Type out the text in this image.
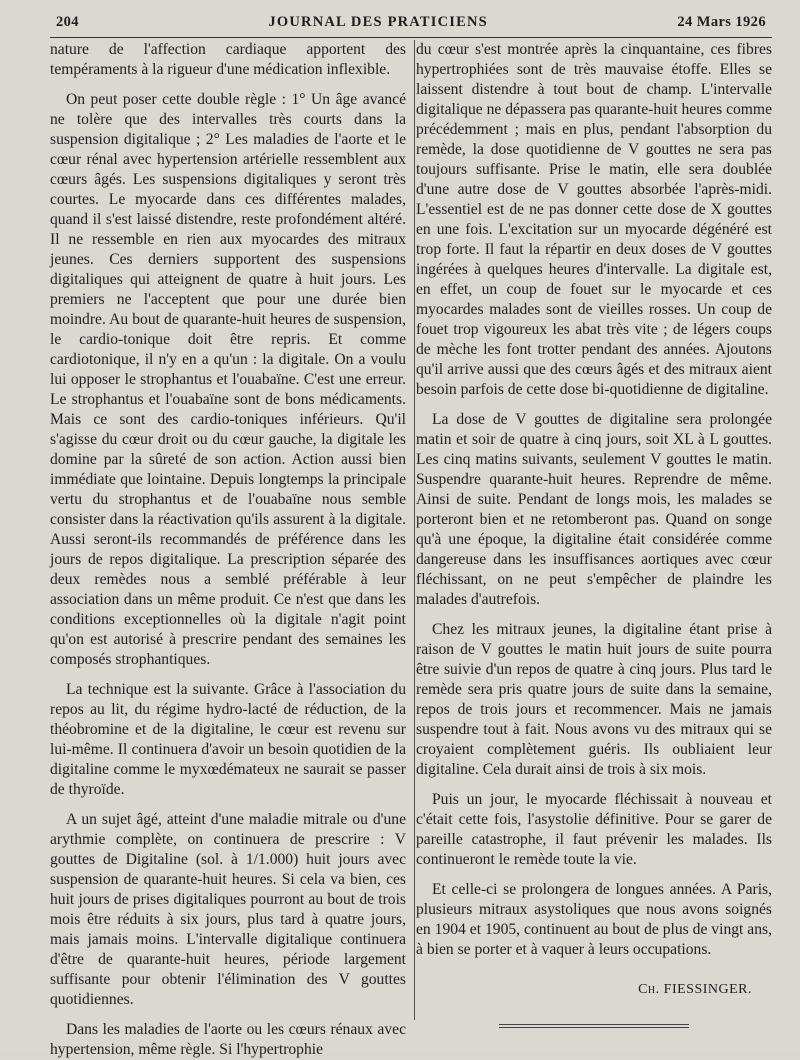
204	JOURNAL DES PRATICIENS	24 Mars 1926

nature de l'affection cardiaque apportent des tempéraments à la rigueur d'une médication inflexible.

On peut poser cette double règle : 1° Un âge avancé ne tolère que des intervalles très courts dans la suspension digitalique ; 2° Les maladies de l'aorte et le cœur rénal avec hypertension artérielle ressemblent aux cœurs âgés. Les suspensions digitaliques y seront très courtes. Le myocarde dans ces différentes malades, quand il s'est laissé distendre, reste profondément altéré. Il ne ressemble en rien aux myocardes des mitraux jeunes. Ces derniers supportent des suspensions digitaliques qui atteignent de quatre à huit jours. Les premiers ne l'acceptent que pour une durée bien moindre. Au bout de quarante-huit heures de suspension, le cardio-tonique doit être repris. Et comme cardiotonique, il n'y en a qu'un : la digitale. On a voulu lui opposer le strophantus et l'ouabaïne. C'est une erreur. Le strophantus et l'ouabaïne sont de bons médicaments. Mais ce sont des cardio-toniques inférieurs. Qu'il s'agisse du cœur droit ou du cœur gauche, la digitale les domine par la sûreté de son action. Action aussi bien immédiate que lointaine. Depuis longtemps la principale vertu du strophantus et de l'ouabaïne nous semble consister dans la réactivation qu'ils assurent à la digitale. Aussi seront-ils recommandés de préférence dans les jours de repos digitalique. La prescription séparée des deux remèdes nous a semblé préférable à leur association dans un même produit. Ce n'est que dans les conditions exceptionnelles où la digitale n'agit point qu'on est autorisé à prescrire pendant des semaines les composés strophantiques.

La technique est la suivante. Grâce à l'association du repos au lit, du régime hydro-lacté de réduction, de la théobromine et de la digitaline, le cœur est revenu sur lui-même. Il continuera d'avoir un besoin quotidien de la digitaline comme le myxœdémateux ne saurait se passer de thyroïde.

A un sujet âgé, atteint d'une maladie mitrale ou d'une arythmie complète, on continuera de prescrire : V gouttes de Digitaline (sol. à 1/1.000) huit jours avec suspension de quarante-huit heures. Si cela va bien, ces huit jours de prises digitaliques pourront au bout de trois mois être réduits à six jours, plus tard à quatre jours, mais jamais moins. L'intervalle digitalique continuera d'être de quarante-huit heures, période largement suffisante pour obtenir l'élimination des V gouttes quotidiennes.

Dans les maladies de l'aorte ou les cœurs rénaux avec hypertension, même règle. Si l'hypertrophie

du cœur s'est montrée après la cinquantaine, ces fibres hypertrophiées sont de très mauvaise étoffe. Elles se laissent distendre à tout bout de champ. L'intervalle digitalique ne dépassera pas quarante-huit heures comme précédemment ; mais en plus, pendant l'absorption du remède, la dose quotidienne de V gouttes ne sera pas toujours suffisante. Prise le matin, elle sera doublée d'une autre dose de V gouttes absorbée l'après-midi. L'essentiel est de ne pas donner cette dose de X gouttes en une fois. L'excitation sur un myocarde dégénéré est trop forte. Il faut la répartir en deux doses de V gouttes ingérées à quelques heures d'intervalle. La digitale est, en effet, un coup de fouet sur le myocarde et ces myocardes malades sont de vieilles rosses. Un coup de fouet trop vigoureux les abat très vite ; de légers coups de mèche les font trotter pendant des années. Ajoutons qu'il arrive aussi que des cœurs âgés et des mitraux aient besoin parfois de cette dose bi-quotidienne de digitaline.

La dose de V gouttes de digitaline sera prolongée matin et soir de quatre à cinq jours, soit XL à L gouttes. Les cinq matins suivants, seulement V gouttes le matin. Suspendre quarante-huit heures. Reprendre de même. Ainsi de suite. Pendant de longs mois, les malades se porteront bien et ne retomberont pas. Quand on songe qu'à une époque, la digitaline était considérée comme dangereuse dans les insuffisances aortiques avec cœur fléchissant, on ne peut s'empêcher de plaindre les malades d'autrefois.

Chez les mitraux jeunes, la digitaline étant prise à raison de V gouttes le matin huit jours de suite pourra être suivie d'un repos de quatre à cinq jours. Plus tard le remède sera pris quatre jours de suite dans la semaine, repos de trois jours et recommencer. Mais ne jamais suspendre tout à fait. Nous avons vu des mitraux qui se croyaient complètement guéris. Ils oubliaient leur digitaline. Cela durait ainsi de trois à six mois.

Puis un jour, le myocarde fléchissait à nouveau et c'était cette fois, l'asystolie définitive. Pour se garer de pareille catastrophe, il faut prévenir les malades. Ils continueront le remède toute la vie.

Et celle-ci se prolongera de longues années. A Paris, plusieurs mitraux asystoliques que nous avons soignés en 1904 et 1905, continuent au bout de plus de vingt ans, à bien se porter et à vaquer à leurs occupations.

Ch. FIESSINGER.
